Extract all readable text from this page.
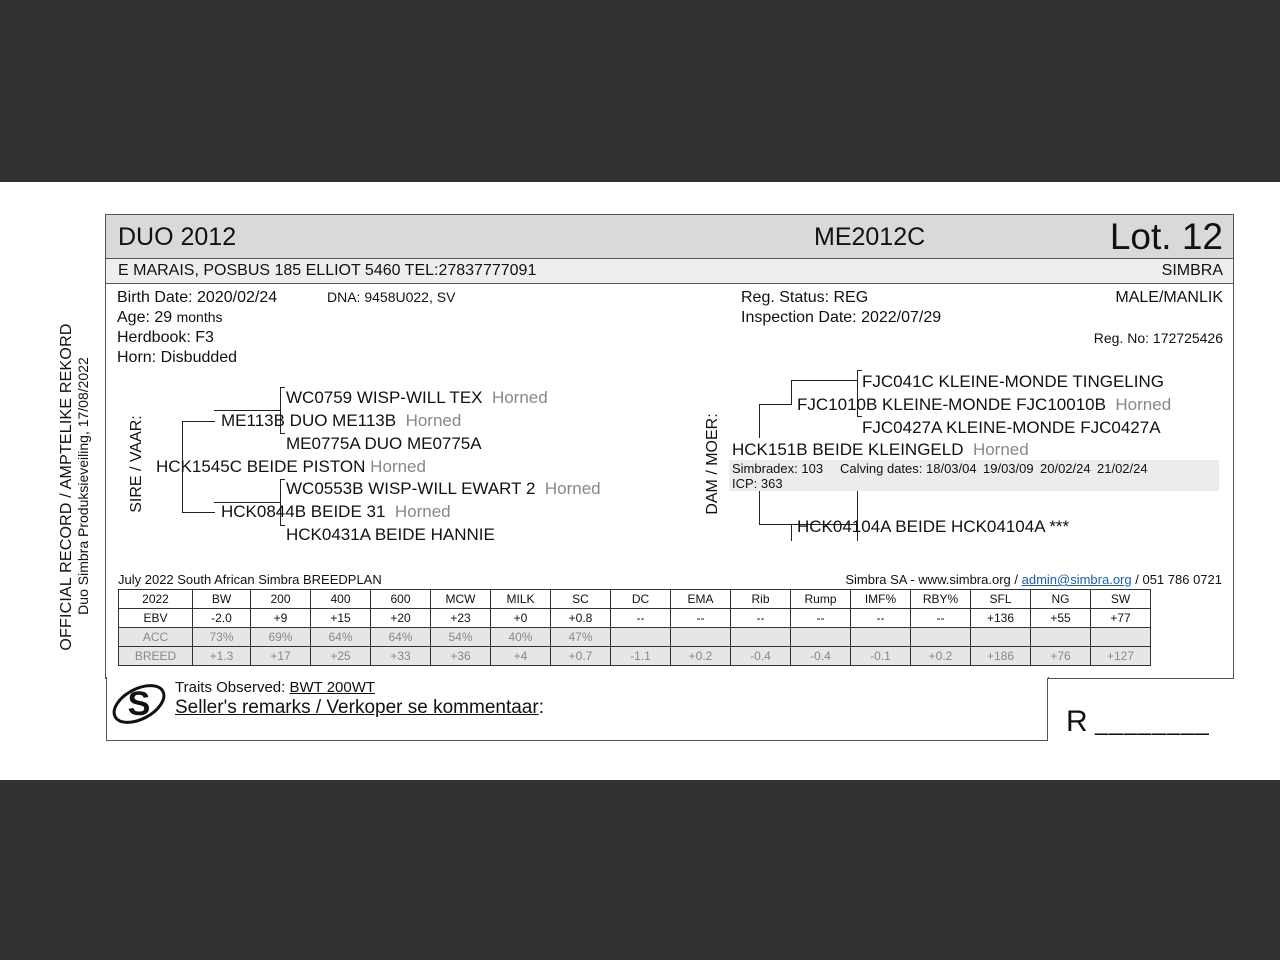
OFFICIAL RECORD / AMPTELIKE REKORD Duo Simbra Produksieveiling, 17/08/2022
DUO 2012	ME2012C	Lot. 12
E MARAIS, POSBUS 185 ELLIOT 5460 TEL:27837777091	SIMBRA
Birth Date: 2020/02/24	DNA: 9458U022, SV
Age: 29 months
Herdbook: F3
Horn: Disbudded
Reg. Status: REG
Inspection Date: 2022/07/29
MALE/MANLIK
Reg. No: 172725426
SIRE / VAAR:
WC0759 WISP-WILL TEX Horned
ME113B DUO ME113B Horned
ME0775A DUO ME0775A
HCK1545C BEIDE PISTON Horned
WC0553B WISP-WILL EWART 2 Horned
HCK0844B BEIDE 31 Horned
HCK0431A BEIDE HANNIE
DAM / MOER:
FJC041C KLEINE-MONDE TINGELING
FJC1010B KLEINE-MONDE FJC10010B Horned
FJC0427A KLEINE-MONDE FJC0427A
HCK151B BEIDE KLEINGELD Horned
Simbradex: 103 Calving dates: 18/03/04 19/03/09 20/02/24 21/02/24
ICP: 363
HCK04104A BEIDE HCK04104A ***
July 2022 South African Simbra BREEDPLAN	Simbra SA - www.simbra.org / admin@simbra.org / 051 786 0721
2022	BW	200	400	600	MCW	MILK	SC	DC	EMA	Rib	Rump	IMF%	RBY%	SFL	NG	SW
EBV	-2.0	+9	+15	+20	+23	+0	+0.8	--	--	--	--	--	--	+136	+55	+77
ACC	73%	69%	64%	64%	54%	40%	47%									
BREED	+1.3	+17	+25	+33	+36	+4	+0.7	-1.1	+0.2	-0.4	-0.4	-0.1	+0.2	+186	+76	+127
S Traits Observed: BWT 200WT
Seller's remarks / Verkoper se kommentaar:	R ________
